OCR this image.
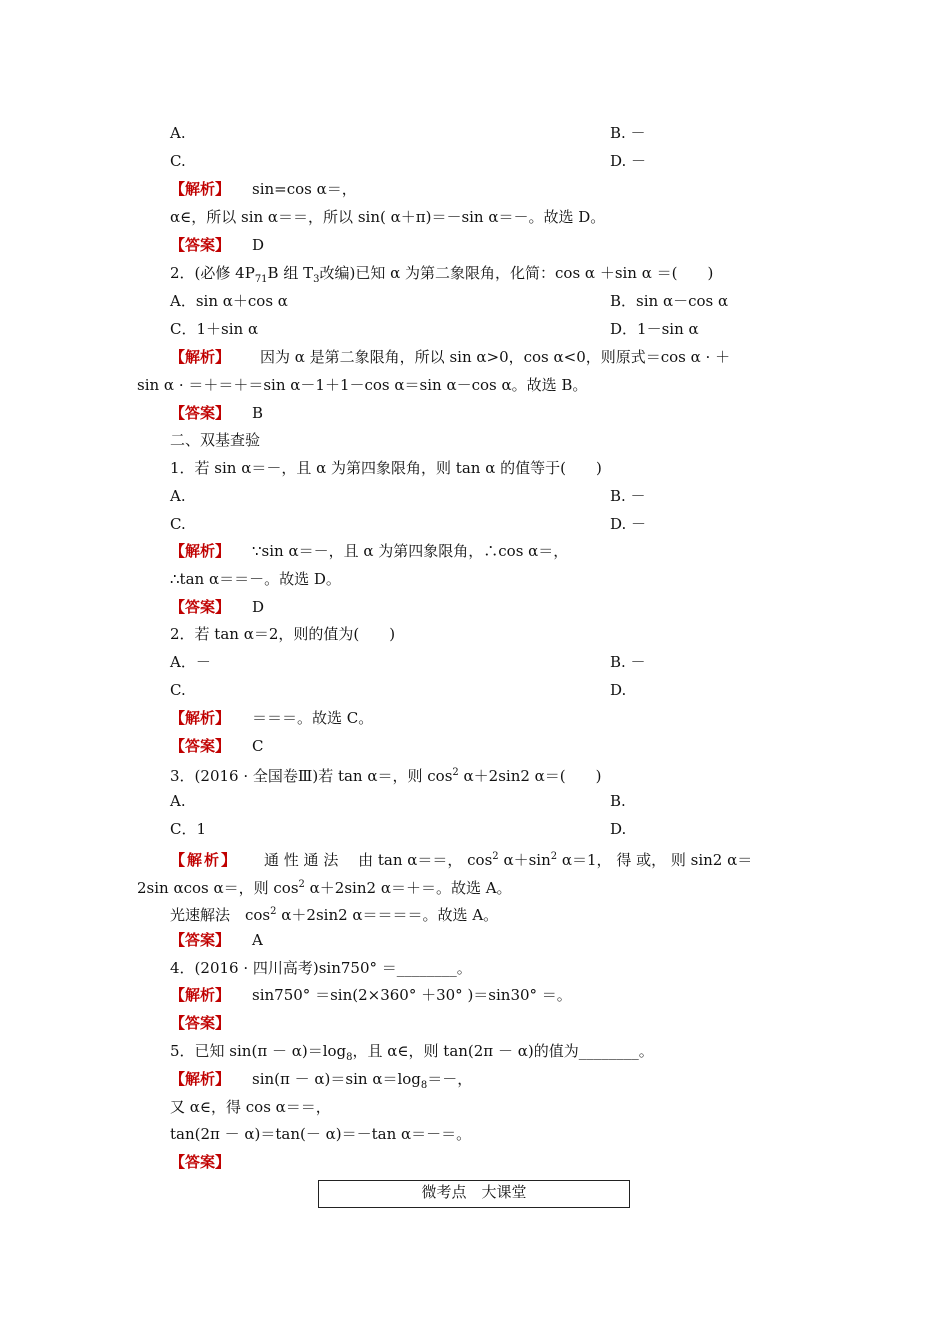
A.	B. －
C.	D. －
【解析】 sin=cos α＝，
α∈，所以 sin α＝＝，所以 sin( α＋π)＝－sin α＝－。故选 D。
【答案】 D
2．(必修 $4P_{71}B$ 组 $T_3$改编)已知 α 为第二象限角，化简：cos α ＋sin α ＝(　　)
A．sin α＋cos α	B．sin α－cos α
C．1＋sin α	D．1－sin α
【解析】 因为 α 是第二象限角，所以 sin α>0，cos α<0，则原式＝cos α · ＋
sin α · ＝＋＝＋＝sin α－1＋1－cos α＝sin α－cos α。故选 B。
【答案】 B
二、双基查验
1．若 sin α＝－，且 α 为第四象限角，则 tan α 的值等于(　　)
A.	B. －
C.	D. －
【解析】 ∵sin α＝－，且 α 为第四象限角，∴cos α＝，
∴tan α＝＝－。故选 D。
【答案】 D
2．若 tan α＝2，则的值为(　　)
A．－	B. －
C.	D.
【解析】 ＝＝＝。故选 C。
【答案】 C
3．(2016 · 全国卷Ⅲ)若 tan α＝，则 $\cos^2 \alpha+2\sin 2$ α＝(　　)
A.	B.
C．1	D.
【解析】 通 性 通 法　 由 tan α＝＝， $\cos^2 \alpha+\sin^2$ α＝1， 得 或， 则 sin2 α＝
2sin αcos α＝，则 $\cos^2 \alpha+2\sin 2$ α＝＋＝。故选 A。
光速解法　$\cos^2 \alpha+2\sin 2$ α＝＝＝＝。故选 A。
【答案】 A
4．(2016 · 四川高考)sin750° ＝________。
【解析】 sin750° ＝sin(2×360° ＋30° )＝sin30° ＝。
【答案】
5．已知 $\sin(\pi - \alpha)=\log_8$，且 α∈，则 tan(2π － α)的值为________。
【解析】 sin(π － α)＝sin $\alpha=\log_8=-$，
又 α∈，得 cos α＝＝，
tan(2π － α)＝tan(－ α)＝－tan α＝－＝。
【答案】
微考点　大课堂
